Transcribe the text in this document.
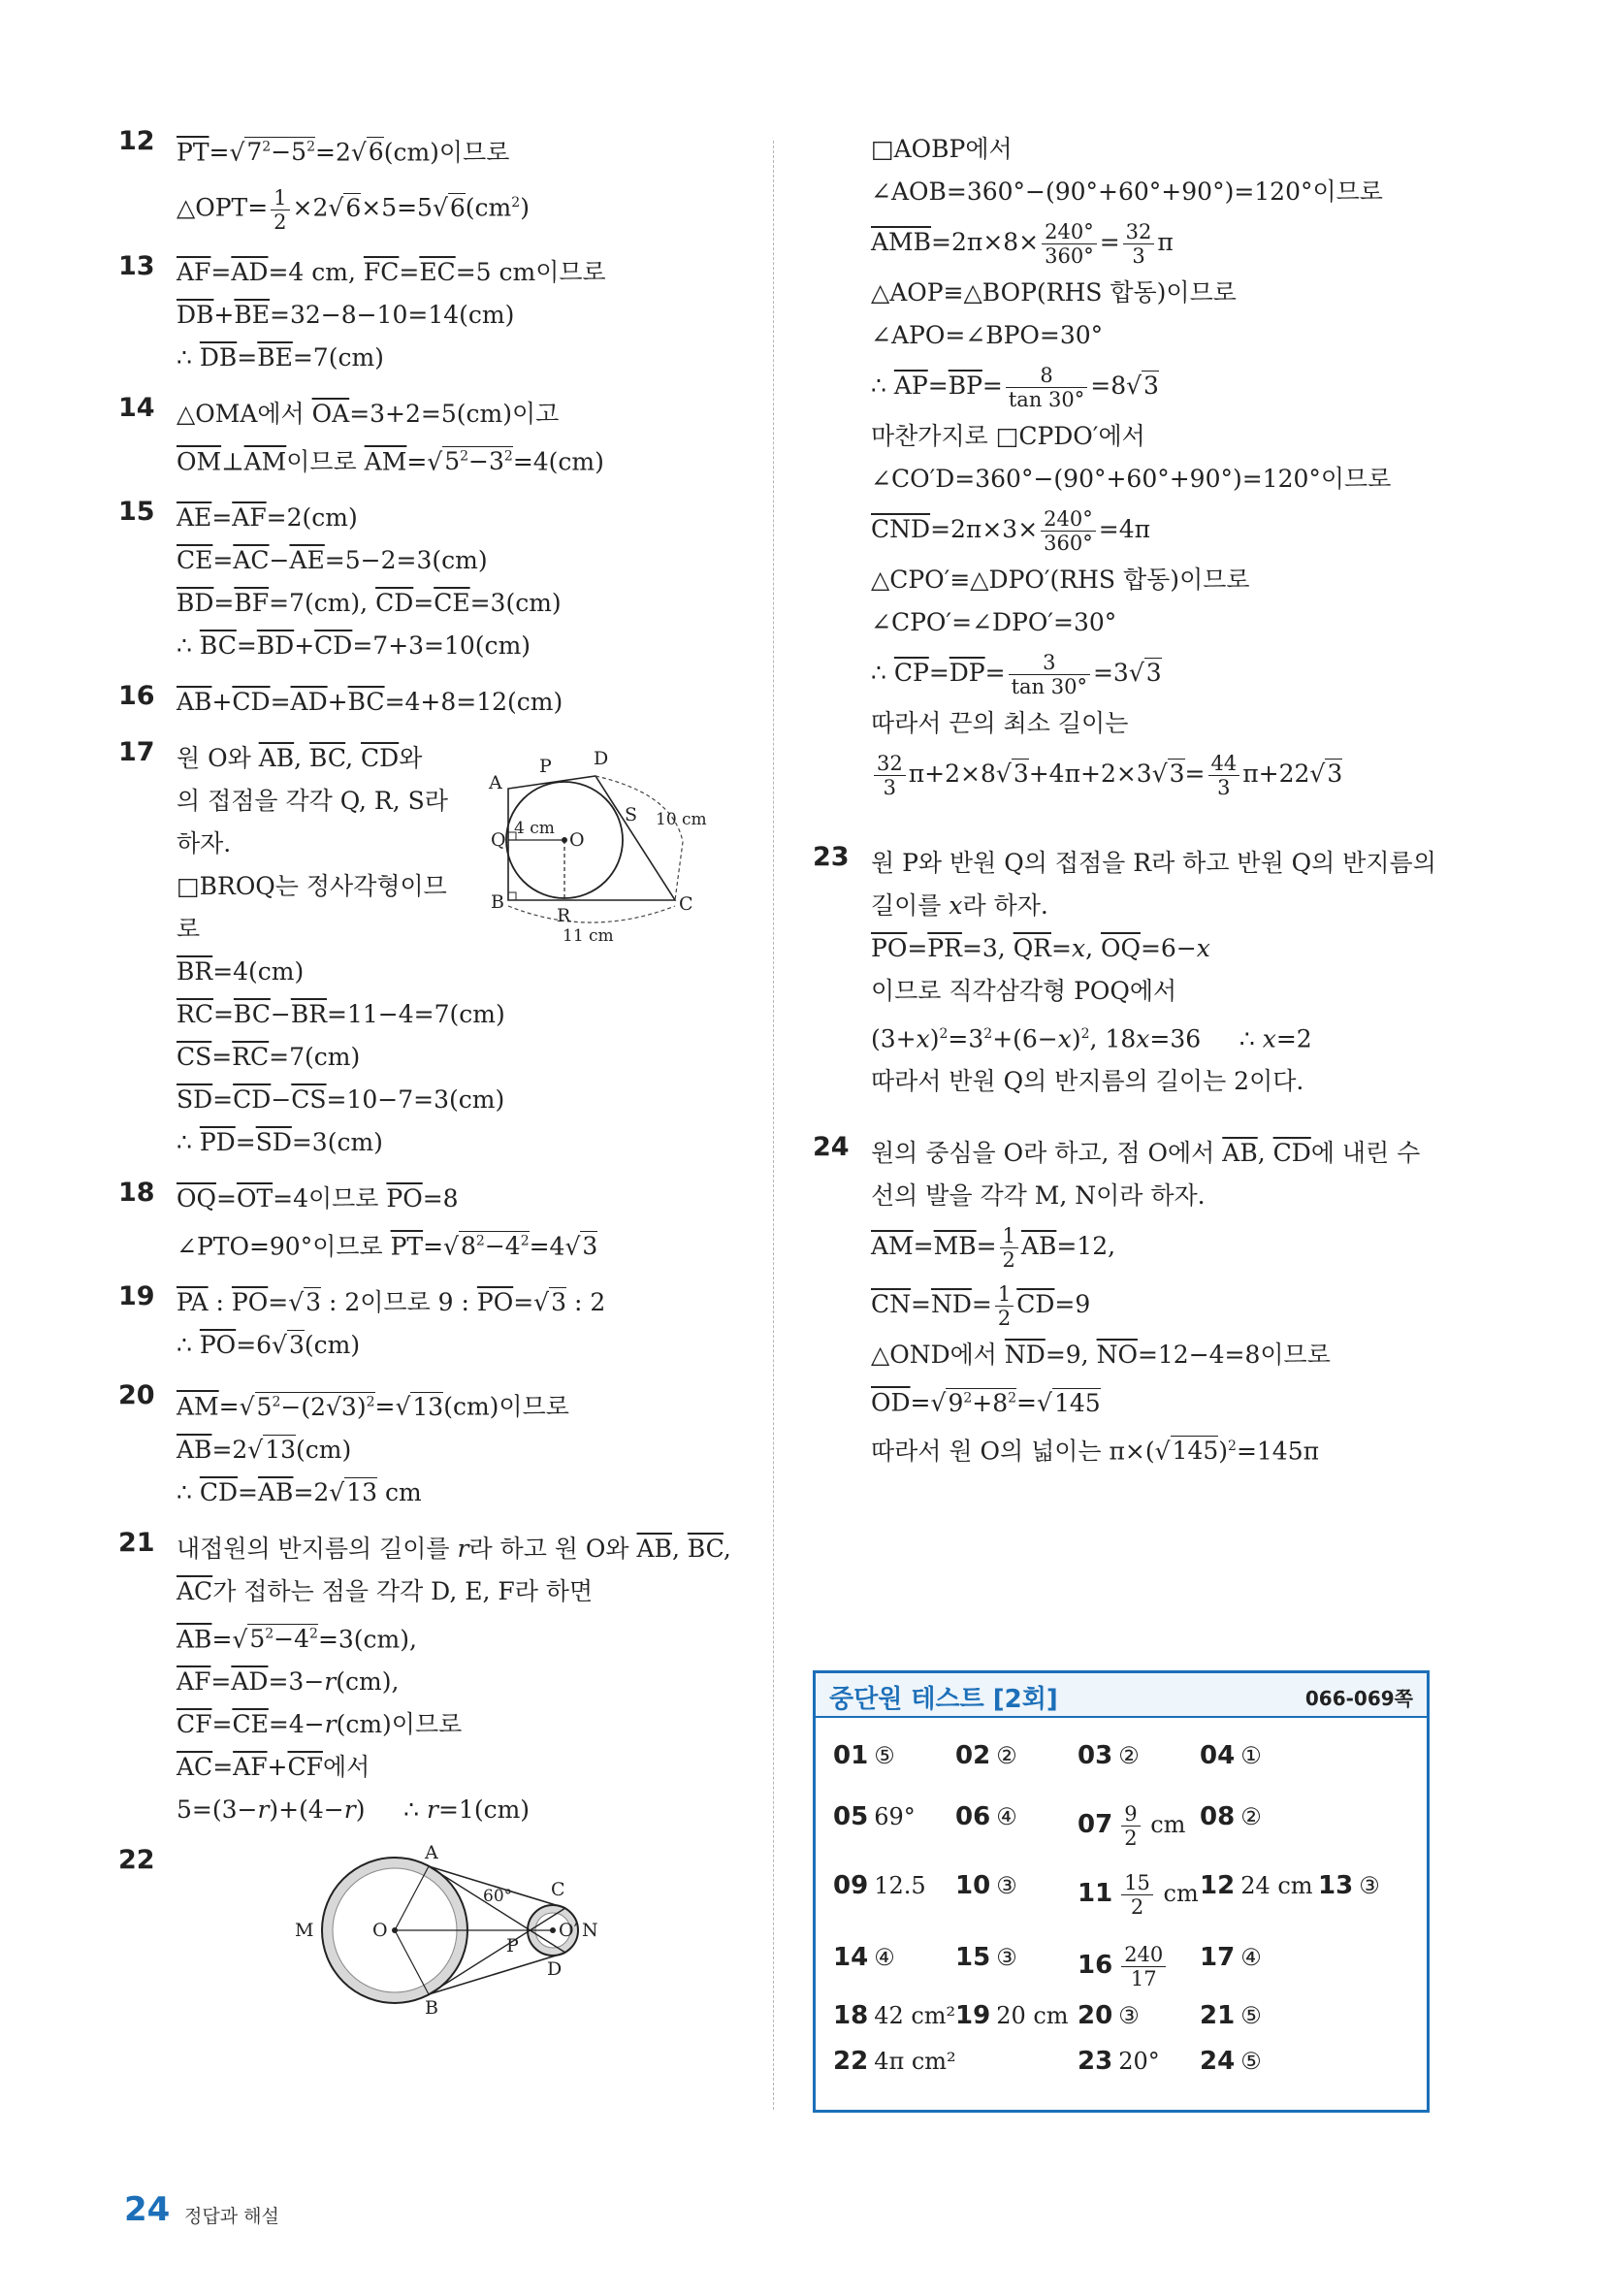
12 $\overline{PT}=√7^2-5^2=2√6(cm)$이므로
△OPT= $\frac{1}{2} \times 2√6\times 5=5√6(cm^2)$
13 $\overline{AF}=\overline{AD}=4$ cm, $\overline{FC}=\overline{EC}=5$ cm이므로
$\overline{DB}+\overline{BE}=32-8-10=14(cm)$
∴ $\overline{DB}=\overline{BE}=7(cm)$
14 △OMA에서 $\overline{OA}=3+2=5(cm)$이고
$\overline{OM}\perp\overline{AM}$이므로 $\overline{AM}=√5^2-3^2=4(cm)$
15 $\overline{AE}=\overline{AF}=2(cm)$
$\overline{CE}=\overline{AC}-\overline{AE}=5-2=3(cm)$
$\overline{BD}=\overline{BF}=7(cm)$, $\overline{CD}=\overline{CE}=3(cm)$
∴ $\overline{BC}=\overline{BD}+\overline{CD}=7+3=10(cm)$
16 $\overline{AB}+\overline{CD}=\overline{AD}+\overline{BC}=4+8=12(cm)$
17 원 O와 $\overline{AB}$, $\overline{BC}$, $\overline{CD}$와
의 접점을 각각 Q, R, S라
하자.
□BROQ는 정사각형이므
로
$\overline{BR}=4(cm)$
$\overline{RC}=\overline{BC}-\overline{BR}=11-4=7(cm)$
$\overline{CS}=\overline{RC}=7(cm)$
$\overline{SD}=\overline{CD}-\overline{CS}=10-7=3(cm)$
∴ $\overline{PD}=\overline{SD}=3(cm)$
A
P D
S
Q	O
B
R
C
4 cm	10 cm
11 cm
18 $\overline{OQ}=\overline{OT}=4$이므로 $\overline{PO}=8$
∠PTO=90°이므로 $\overline{PT}=√8^2-4^2=4√3$
19 $\overline{PA}$ : $\overline{PO}=√3$ : 2이므로 9 : $\overline{PO}=√3$ : 2
∴ $\overline{PO}=6√3(cm)$
20 $\overline{AM}=√5^2-(2√3)^2=√13(cm)$이므로
$\overline{AB}=2√13(cm)$
∴ $\overline{CD}=\overline{AB}=2√13$ cm
21 내접원의 반지름의 길이를 r라 하고 원 O와 $\overline{AB}$, $\overline{BC}$,
$\overline{AC}$가 접하는 점을 각각 D, E, F라 하면
$\overline{AB}=√5^2-4^2=3(cm)$,
$\overline{AF}=\overline{AD}=3-r(cm)$,
$\overline{CF}=\overline{CE}=4-r(cm)$이므로
$\overline{AC}=\overline{AF}+\overline{CF}$에서
5=(3−r)+(4−r)     ∴ r=1(cm)
22	A
B
M	O
P
C
D
O′ N
60°
□AOBP에서
∠AOB=360°−(90°+60°+90°)=120°이므로
$\overline{AMB}=2\pi\times 8\times \frac{240^\circ}{360^\circ} = \frac{32}{3}$ π
△AOP≡△BOP(RHS 합동)이므로
∠APO=∠BPO=30°
∴ $\overline{AP}=\overline{BP}= \frac{8}{\tan 30^\circ} =8√3$
마찬가지로 □CPDO′에서
∠CO′D=360°−(90°+60°+90°)=120°이므로
$\overline{CND}=2\pi\times 3\times \frac{240^\circ}{360^\circ} =4\pi$
△CPO′≡△DPO′(RHS 합동)이므로
∠CPO′=∠DPO′=30°
∴ $\overline{CP}=\overline{DP}= \frac{3}{\tan 30^\circ} =3√3$
따라서 끈의 최소 길이는
$\frac{32}{3} \pi+2\times 8√3+4\pi+2\times 3√3= \frac{44}{3} \pi+22√3$
23 원 P와 반원 Q의 접점을 R라 하고 반원 Q의 반지름의
길이를 x라 하자.
$\overline{PO}=\overline{PR}=3$, $\overline{QR}=x$, $\overline{OQ}=6-x$
이므로 직각삼각형 POQ에서
$(3+x)^2=3^2+(6-x)^2$, 18x=36     ∴ x=2
따라서 반원 Q의 반지름의 길이는 2이다.
24 원의 중심을 O라 하고, 점 O에서 $\overline{AB}$, $\overline{CD}$에 내린 수
선의 발을 각각 M, N이라 하자.
$\overline{AM}=\overline{MB}= \frac{1}{2} \overline{AB}=12$,
$\overline{CN}=\overline{ND}= \frac{1}{2} \overline{CD}=9$
△OND에서 $\overline{ND}=9$, $\overline{NO}=12-4=8$이므로
$\overline{OD}=√9^2+8^2=√145$
따라서 원 O의 넓이는 $\pi\times(√145)^2=145\pi$
중단원 테스트 [2회]	066-069쪽
01 ⑤ 02 ② 03 ② 04 ①
05 69° 06 ④ $07 \frac{9}{2}$ cm 08 ②
09 12.5 10 ③ $11 \frac{15}{2}$ cm 12 24 cm 13 ③
14 ④ 15 ③ $16 \frac{240}{17} 17$ ④
18 42 cm² 19 20 cm 20 ③ 21 ⑤
22 4π cm²	23 20° 24 ⑤
24 정답과 해설
